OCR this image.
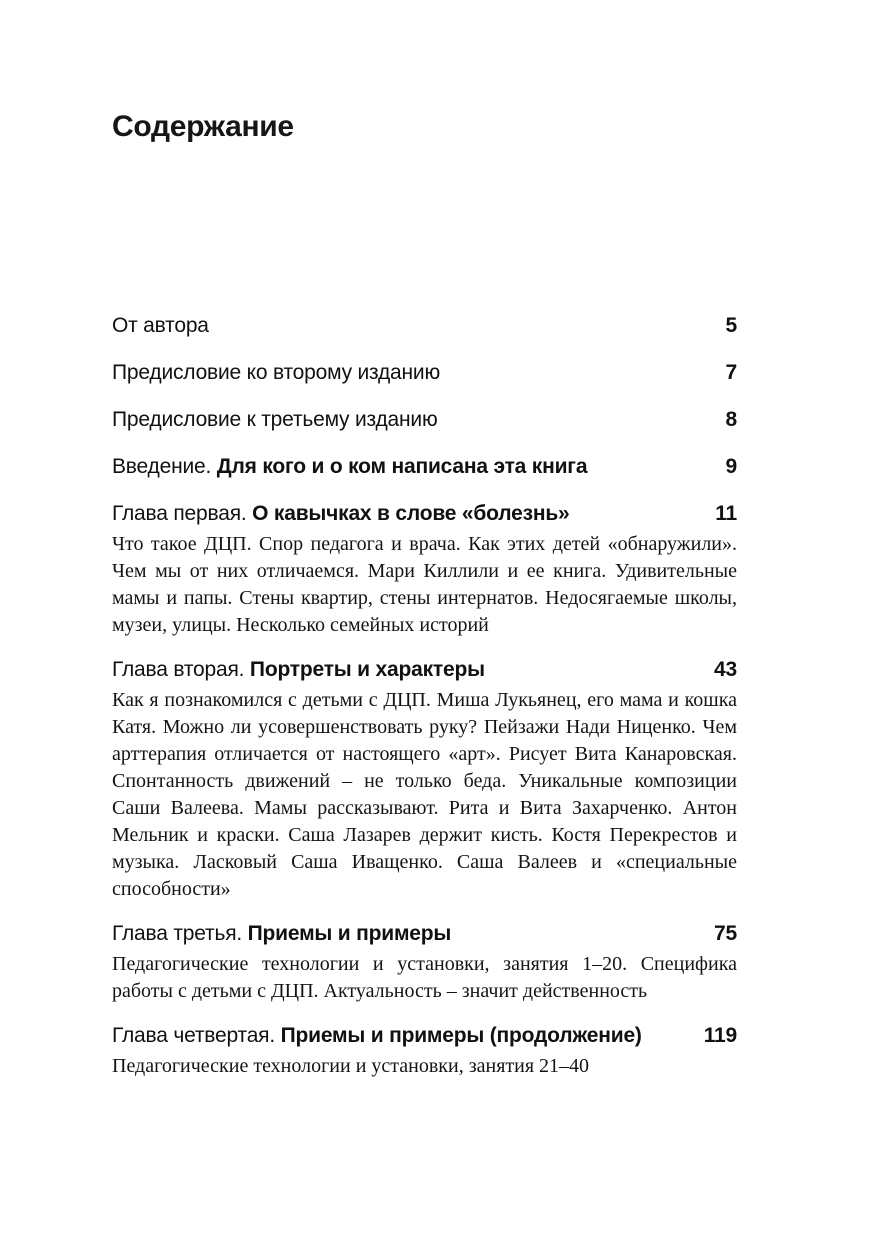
Содержание
От автора	5
Предисловие ко второму изданию	7
Предисловие к третьему изданию	8
Введение. Для кого и о ком написана эта книга	9
Глава первая. О кавычках в слове «болезнь»	11

Что такое ДЦП. Спор педагога и врача. Как этих детей «обнаружили». Чем мы от них отличаемся. Мари Киллили и ее книга. Удивительные мамы и папы. Стены квартир, стены интернатов. Недосягаемые школы, музеи, улицы. Несколько семейных историй

Глава вторая. Портреты и характеры	43

Как я познакомился с детьми с ДЦП. Миша Лукьянец, его мама и кошка Катя. Можно ли усовершенствовать руку? Пейзажи Нади Ниценко. Чем арттерапия отличается от настоящего «арт». Рисует Вита Канаровская. Спонтанность движений – не только беда. Уникальные композиции Саши Валеева. Мамы рассказывают. Рита и Вита Захарченко. Антон Мельник и краски. Саша Лазарев держит кисть. Костя Перекрестов и музыка. Ласковый Саша Иващенко. Саша Валеев и «специальные способности»

Глава третья. Приемы и примеры	75

Педагогические технологии и установки, занятия 1–20. Специфика работы с детьми с ДЦП. Актуальность – значит действенность

Глава четвертая. Приемы и примеры (продолжение)	119

Педагогические технологии и установки, занятия 21–40
